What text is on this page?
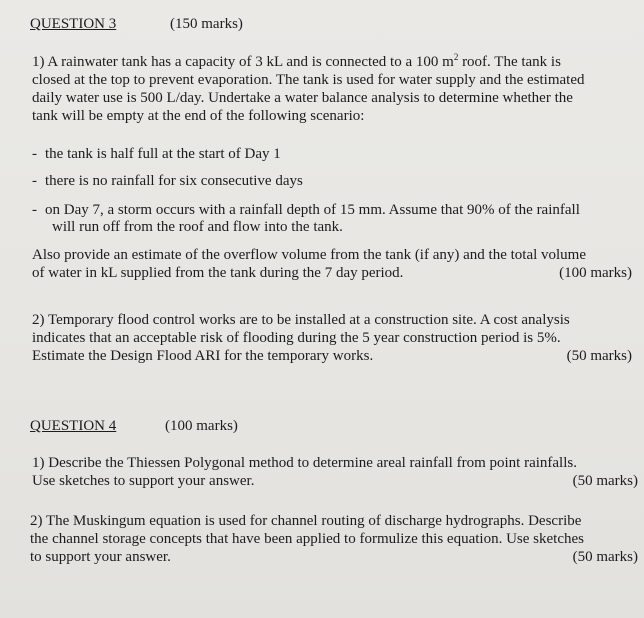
QUESTION 3	(150 marks)
1) A rainwater tank has a capacity of 3 kL and is connected to a 100 $m^2$ roof. The tank is
closed at the top to prevent evaporation. The tank is used for water supply and the estimated
daily water use is 500 L/day. Undertake a water balance analysis to determine whether the
tank will be empty at the end of the following scenario:
- the tank is half full at the start of Day 1
- there is no rainfall for six consecutive days
- on Day 7, a storm occurs with a rainfall depth of 15 mm. Assume that 90% of the rainfall
will run off from the roof and flow into the tank.
Also provide an estimate of the overflow volume from the tank (if any) and the total volume
of water in kL supplied from the tank during the 7 day period.	(100 marks)
2) Temporary flood control works are to be installed at a construction site. A cost analysis
indicates that an acceptable risk of flooding during the 5 year construction period is 5%.
Estimate the Design Flood ARI for the temporary works.	(50 marks)
QUESTION 4	(100 marks)
1) Describe the Thiessen Polygonal method to determine areal rainfall from point rainfalls.
Use sketches to support your answer.	(50 marks)
2) The Muskingum equation is used for channel routing of discharge hydrographs. Describe
the channel storage concepts that have been applied to formulize this equation. Use sketches
to support your answer.	(50 marks)
